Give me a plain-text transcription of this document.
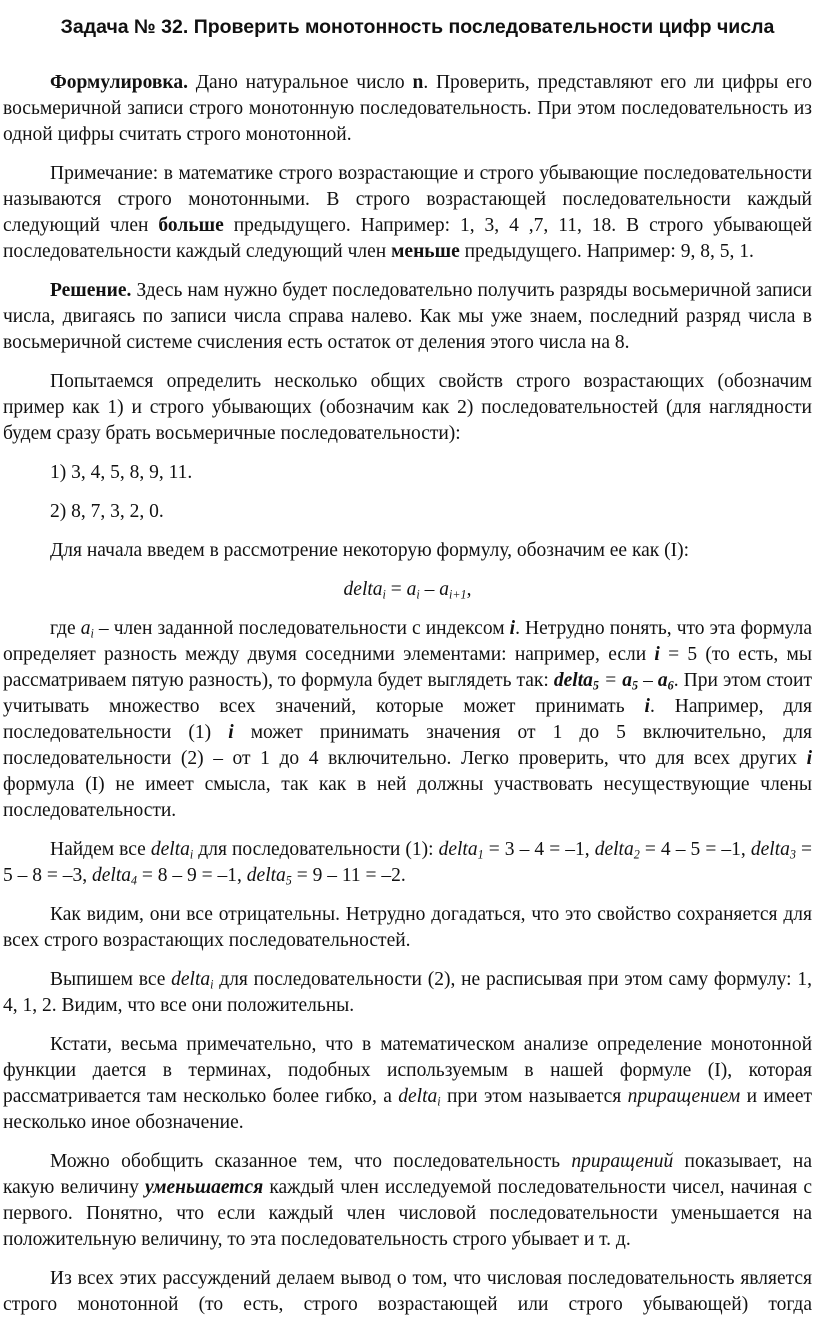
Задача № 32. Проверить монотонность последовательности цифр числа

Формулировка. Дано натуральное число n. Проверить, представляют его ли цифры его восьмеричной записи строго монотонную последовательность. При этом последовательность из одной цифры считать строго монотонной.

Примечание: в математике строго возрастающие и строго убывающие последовательности называются строго монотонными. В строго возрастающей последовательности каждый следующий член больше предыдущего. Например: 1, 3, 4 ,7, 11, 18. В строго убывающей последовательности каждый следующий член меньше предыдущего. Например: 9, 8, 5, 1.

Решение. Здесь нам нужно будет последовательно получить разряды восьмеричной записи числа, двигаясь по записи числа справа налево. Как мы уже знаем, последний разряд числа в восьмеричной системе счисления есть остаток от деления этого числа на 8.

Попытаемся определить несколько общих свойств строго возрастающих (обозначим пример как 1) и строго убывающих (обозначим как 2) последовательностей (для наглядности будем сразу брать восьмеричные последовательности):

1) 3, 4, 5, 8, 9, 11.

2) 8, 7, 3, 2, 0.

Для начала введем в рассмотрение некоторую формулу, обозначим ее как (I):

delta$_i$ = $a_i - a_{i+1}$,

где $a_i$ – член заданной последовательности с индексом i. Нетрудно понять, что эта формула определяет разность между двумя соседними элементами: например, если i = 5 (то есть, мы рассматриваем пятую разность), то формула будет выглядеть так: delta$_5$ = $a_5 - a_6$. При этом стоит учитывать множество всех значений, которые может принимать i. Например, для последовательности (1) i может принимать значения от 1 до 5 включительно, для последовательности (2) – от 1 до 4 включительно. Легко проверить, что для всех других i формула (I) не имеет смысла, так как в ней должны участвовать несуществующие члены последовательности.

Найдем все delta$_i$ для последовательности (1): delta$_1$ = 3 – 4 = –1, delta$_2$ = 4 – 5 = –1, delta$_3$ = 5 – 8 = –3, delta$_4$ = 8 – 9 = –1, delta$_5$ = 9 – 11 = –2.

Как видим, они все отрицательны. Нетрудно догадаться, что это свойство сохраняется для всех строго возрастающих последовательностей.

Выпишем все delta$_i$ для последовательности (2), не расписывая при этом саму формулу: 1, 4, 1, 2. Видим, что все они положительны.

Кстати, весьма примечательно, что в математическом анализе определение монотонной функции дается в терминах, подобных используемым в нашей формуле (I), которая рассматривается там несколько более гибко, а delta$_i$ при этом называется приращением и имеет несколько иное обозначение.

Можно обобщить сказанное тем, что последовательность приращений показывает, на какую величину уменьшается каждый член исследуемой последовательности чисел, начиная с первого. Понятно, что если каждый член числовой последовательности уменьшается на положительную величину, то эта последовательность строго убывает и т. д.

Из всех этих рассуждений делаем вывод о том, что числовая последовательность является строго монотонной (то есть, строго возрастающей или строго убывающей) тогда
